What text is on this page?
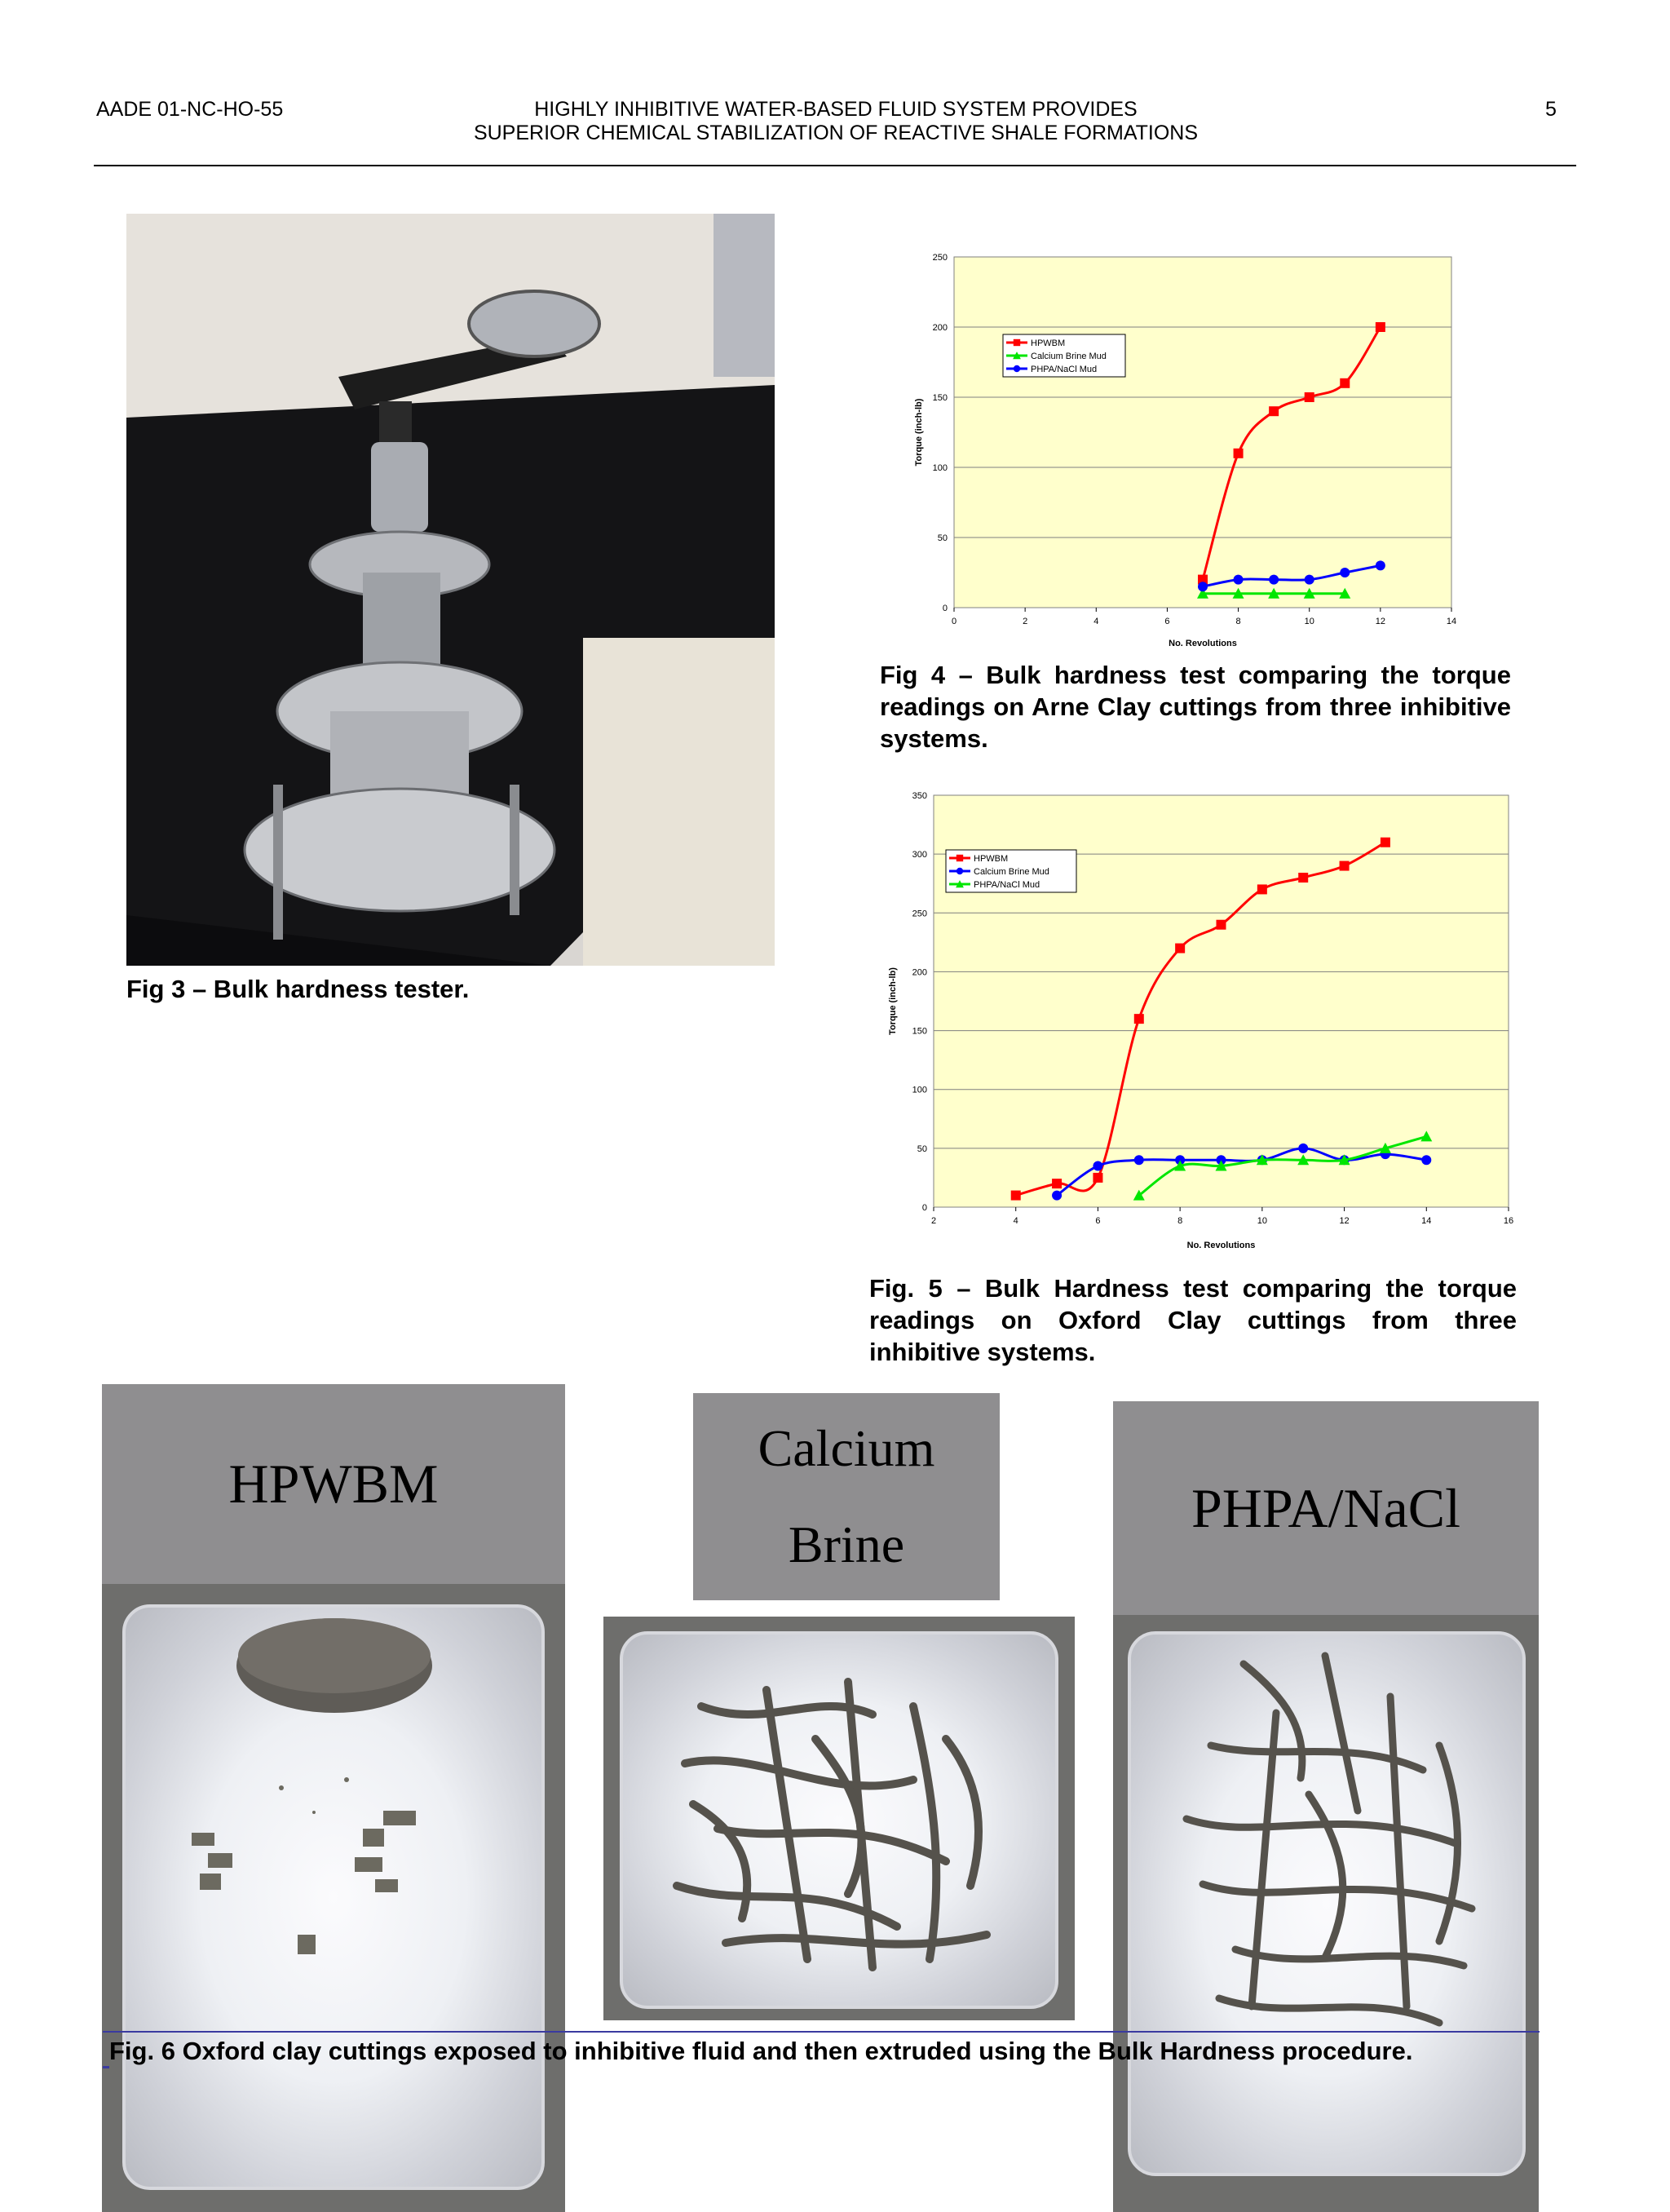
AADE 01-NC-HO-55	HIGHLY INHIBITIVE WATER-BASED FLUID SYSTEM PROVIDES
SUPERIOR CHEMICAL STABILIZATION OF REACTIVE SHALE FORMATIONS
5
Fig 3 – Bulk hardness tester.
0
50
100
150
200
250
0	2	4	6	8	10	12	14
HPWBM
Calcium Brine Mud
PHPA/NaCl Mud
No. Revolutions
Torque (inch-lb)
Fig 4 – Bulk hardness test comparing the torque readings on Arne Clay cuttings from three inhibitive systems.
0
50
100
150
200
250
300
350
2	4	6	8	10	12	14	16
HPWBM
Calcium Brine Mud
PHPA/NaCl Mud
No. Revolutions
Torque (inch-lb)
Fig. 5 – Bulk Hardness test comparing the torque readings on Oxford Clay cuttings from three inhibitive systems.
HPWBM
Calcium
Brine
PHPA/NaCl
Fig. 6 Oxford clay cuttings exposed to inhibitive fluid and then extruded using the Bulk Hardness procedure.
